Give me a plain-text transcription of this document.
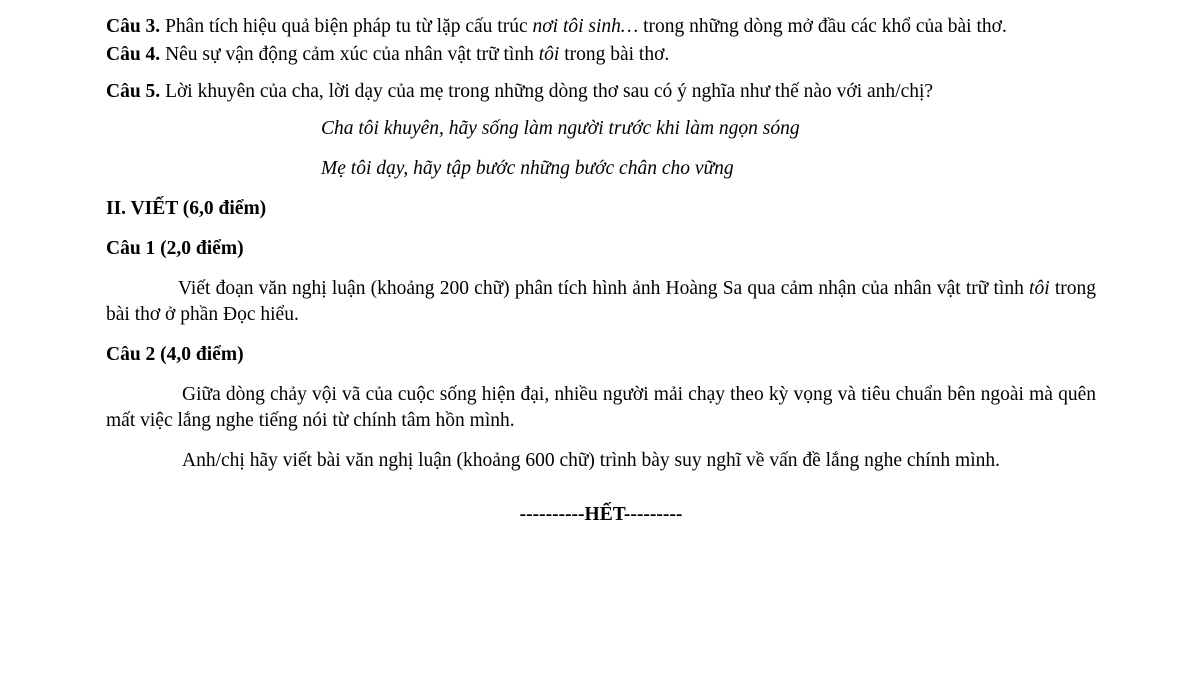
Câu 3. Phân tích hiệu quả biện pháp tu từ lặp cấu trúc nơi tôi sinh… trong những dòng mở đầu các khổ của bài thơ.

Câu 4. Nêu sự vận động cảm xúc của nhân vật trữ tình tôi trong bài thơ.

Câu 5. Lời khuyên của cha, lời dạy của mẹ trong những dòng thơ sau có ý nghĩa như thế nào với anh/chị?

Cha tôi khuyên, hãy sống làm người trước khi làm ngọn sóng

Mẹ tôi dạy, hãy tập bước những bước chân cho vững

II. VIẾT (6,0 điểm)

Câu 1 (2,0 điểm)

Viết đoạn văn nghị luận (khoảng 200 chữ) phân tích hình ảnh Hoàng Sa qua cảm nhận của nhân vật trữ tình tôi trong bài thơ ở phần Đọc hiểu.

Câu 2 (4,0 điểm)

Giữa dòng chảy vội vã của cuộc sống hiện đại, nhiều người mải chạy theo kỳ vọng và tiêu chuẩn bên ngoài mà quên mất việc lắng nghe tiếng nói từ chính tâm hồn mình.

Anh/chị hãy viết bài văn nghị luận (khoảng 600 chữ) trình bày suy nghĩ về vấn đề lắng nghe chính mình.

----------HẾT---------
